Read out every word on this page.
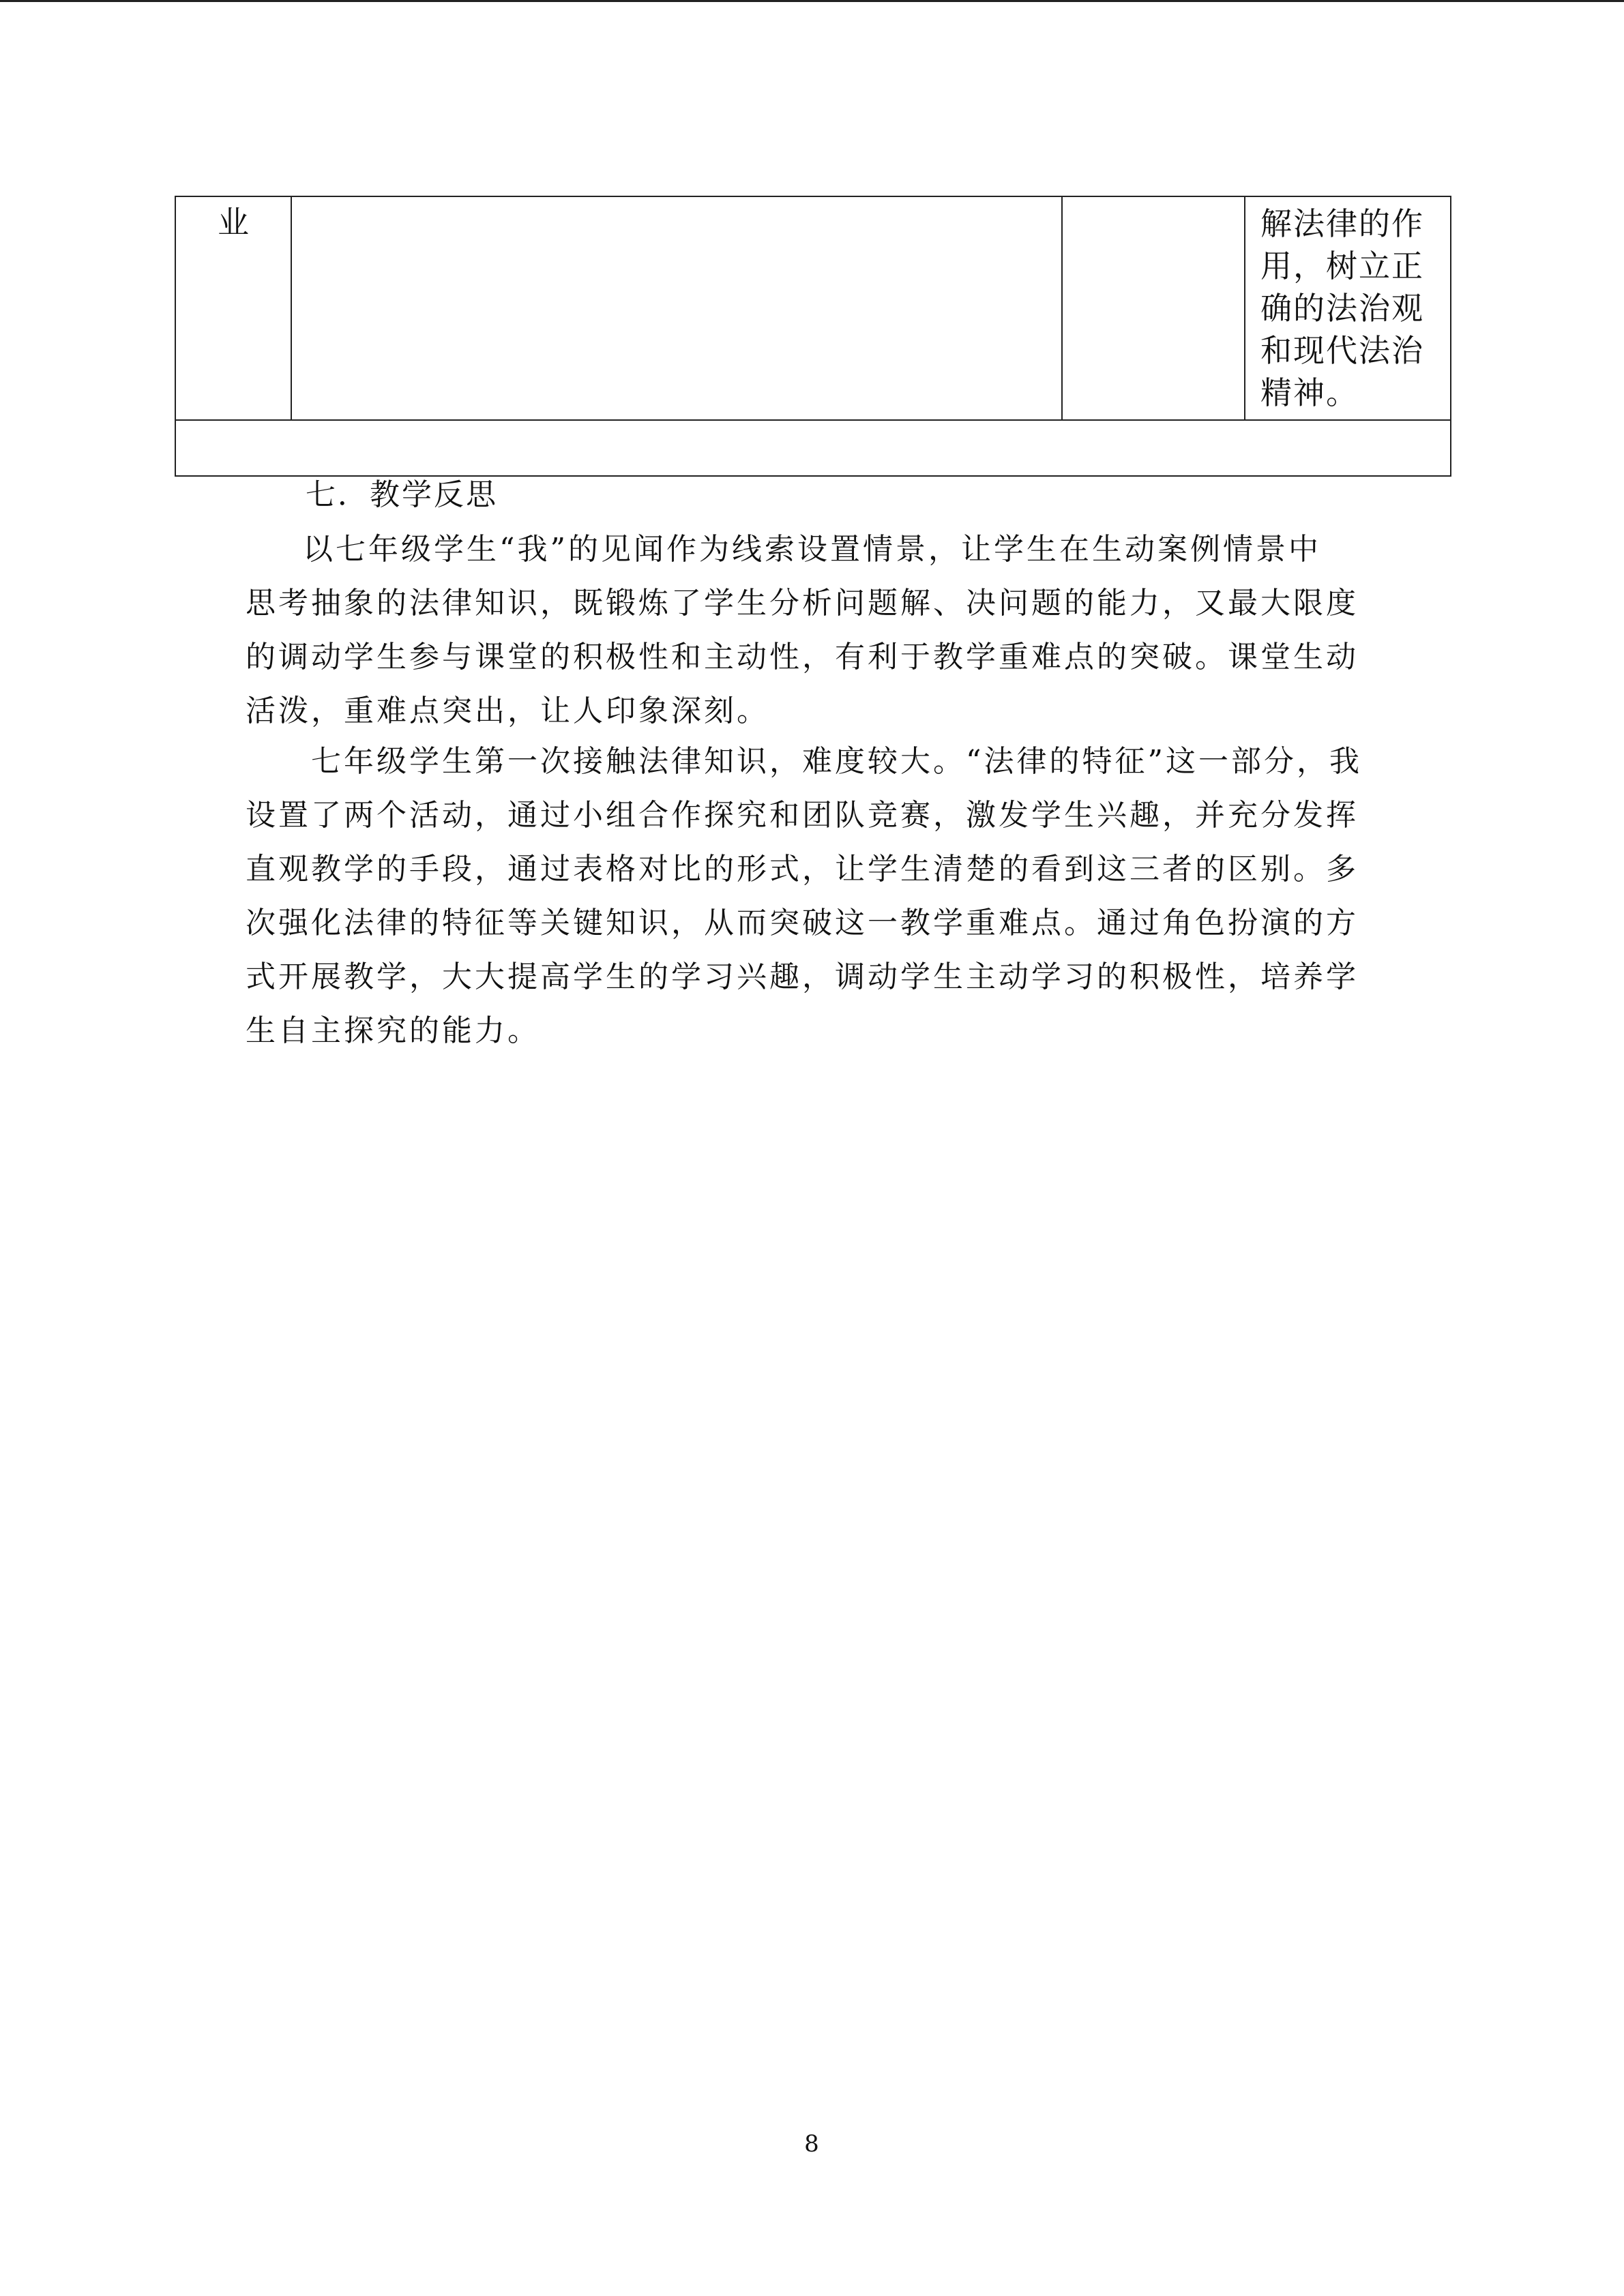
业			解法律的作
用，树立正
确的法治观
和现代法治
精神。

七．教学反思
以七年级学生“我”的见闻作为线索设置情景，让学生在生动案例情景中
思考抽象的法律知识，既锻炼了学生分析问题解、决问题的能力，又最大限度
的调动学生参与课堂的积极性和主动性，有利于教学重难点的突破。课堂生动
活泼，重难点突出，让人印象深刻。
七年级学生第一次接触法律知识，难度较大。“法律的特征”这一部分，我
设置了两个活动，通过小组合作探究和团队竞赛，激发学生兴趣，并充分发挥
直观教学的手段，通过表格对比的形式，让学生清楚的看到这三者的区别。多
次强化法律的特征等关键知识，从而突破这一教学重难点。通过角色扮演的方
式开展教学，大大提高学生的学习兴趣，调动学生主动学习的积极性，培养学
生自主探究的能力。
8
